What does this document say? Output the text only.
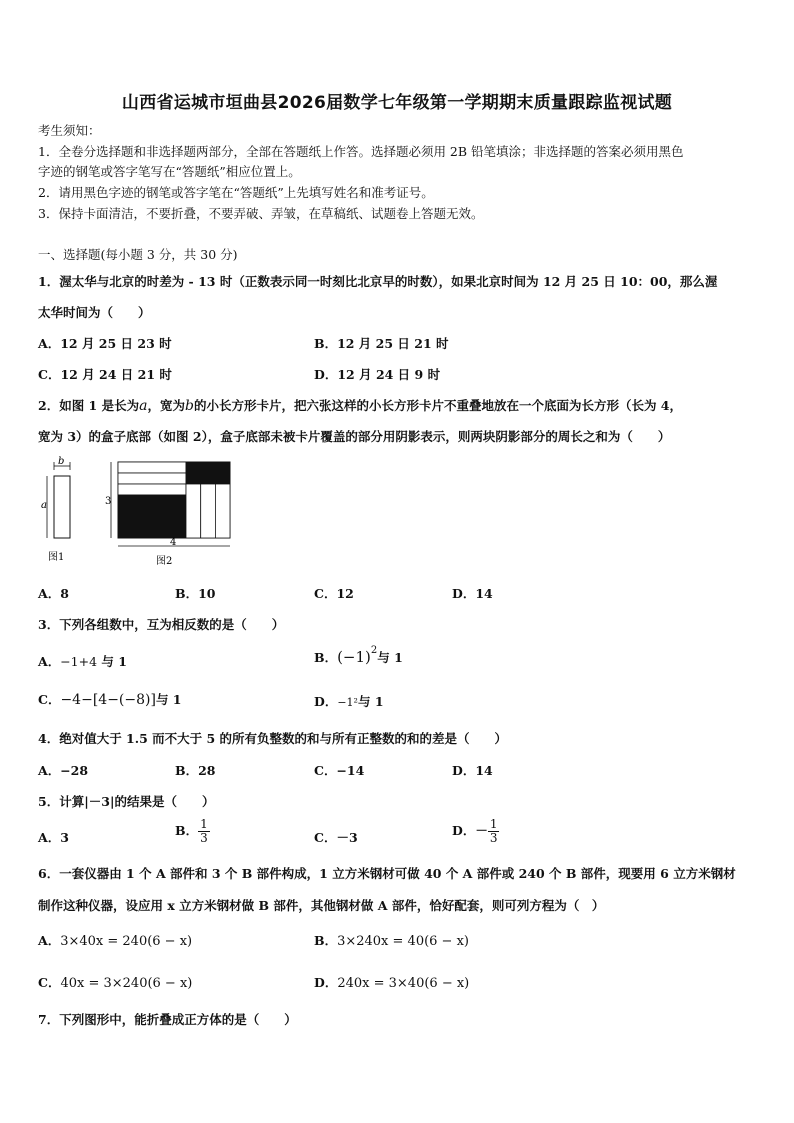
山西省运城市垣曲县2026届数学七年级第一学期期末质量跟踪监视试题
考生须知：
1．全卷分选择题和非选择题两部分，全部在答题纸上作答。选择题必须用 2B 铅笔填涂；非选择题的答案必须用黑色
字迹的钢笔或答字笔写在“答题纸”相应位置上。
2．请用黑色字迹的钢笔或答字笔在“答题纸”上先填写姓名和准考证号。
3．保持卡面清洁，不要折叠，不要弄破、弄皱，在草稿纸、试题卷上答题无效。
一、选择题(每小题 3 分，共 30 分)
1．渥太华与北京的时差为 - 13 时（正数表示同一时刻比北京早的时数），如果北京时间为 12 月 25 日 10：00，那么渥
太华时间为（　　）
A．12 月 25 日 23 时	B．12 月 25 日 21 时
C．12 月 24 日 21 时	D．12 月 24 日 9 时
2．如图 1 是长为a，宽为b的小长方形卡片，把六张这样的小长方形卡片不重叠地放在一个底面为长方形（长为 4，
宽为 3）的盒子底部（如图 2），盒子底部未被卡片覆盖的部分用阴影表示，则两块阴影部分的周长之和为（　　）
b
a
图1
3
4
图2
A．8	B．10	C．12	D．14
3．下列各组数中，互为相反数的是（　　）
A．−1+4 与 1	B．$(-1)^2$与 1
C．−4−[4−(−8)]与 1	D．−1²与 1
4．绝对值大于 1.5 而不大于 5 的所有负整数的和与所有正整数的和的差是（　　）
A．−28	B．28	C．−14	D．14
5．计算|－3|的结果是（　　）
A．3	B． $\frac{1}{3}$	C．－3	D．－ $\frac{1}{3}$
6．一套仪器由 1 个 A 部件和 3 个 B 部件构成，1 立方米钢材可做 40 个 A 部件或 240 个 B 部件，现要用 6 立方米钢材
制作这种仪器，设应用 x 立方米钢材做 B 部件，其他钢材做 A 部件，恰好配套，则可列方程为（　）
A．3×40x = 240(6 − x)	B．3×240x = 40(6 − x)
C．40x = 3×240(6 − x)	D．240x = 3×40(6 − x)
7．下列图形中，能折叠成正方体的是（　　）
